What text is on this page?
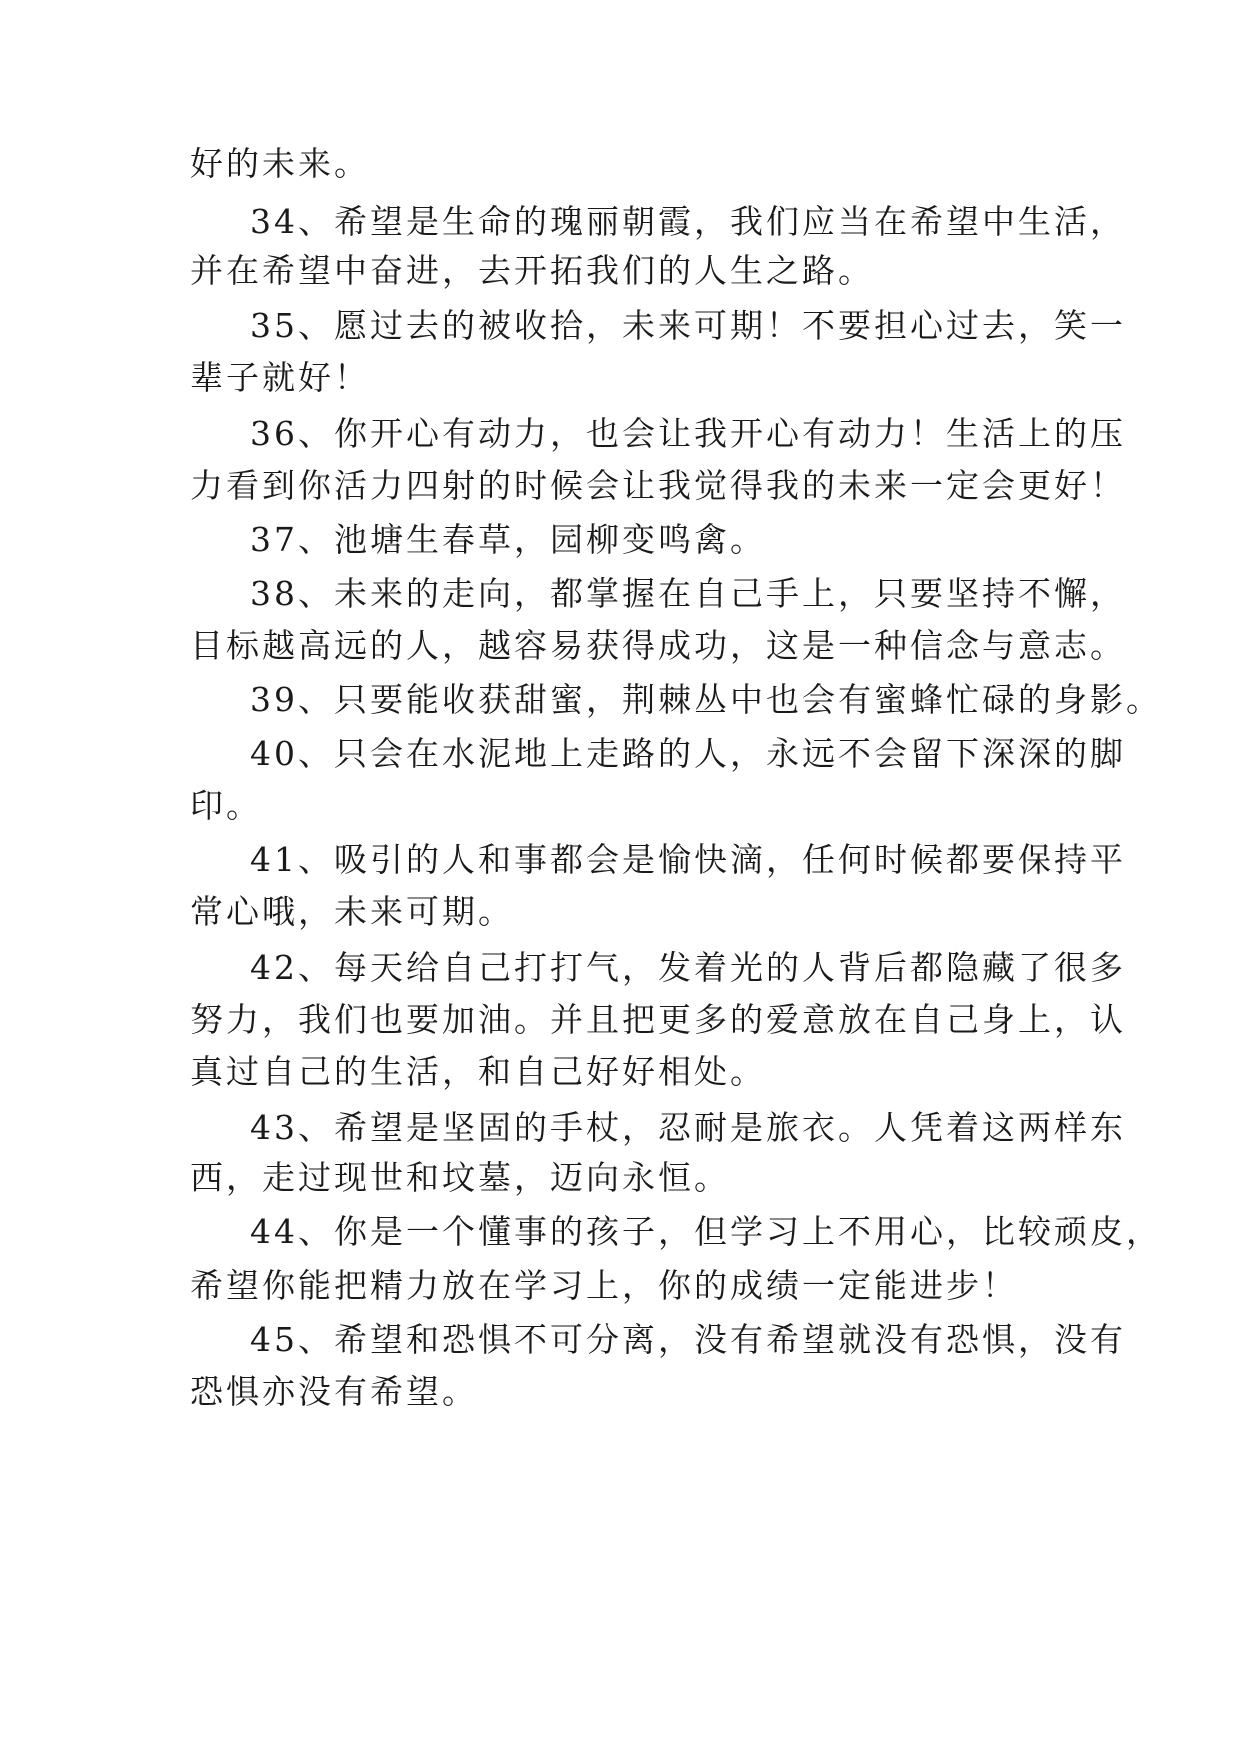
好的未来。
34、希望是生命的瑰丽朝霞，我们应当在希望中生活，
并在希望中奋进，去开拓我们的人生之路。
35、愿过去的被收拾，未来可期！不要担心过去，笑一
辈子就好！
36、你开心有动力，也会让我开心有动力！生活上的压
力看到你活力四射的时候会让我觉得我的未来一定会更好！
37、池塘生春草，园柳变鸣禽。
38、未来的走向，都掌握在自己手上，只要坚持不懈，
目标越高远的人，越容易获得成功，这是一种信念与意志。
39、只要能收获甜蜜，荆棘丛中也会有蜜蜂忙碌的身影。
40、只会在水泥地上走路的人，永远不会留下深深的脚
印。
41、吸引的人和事都会是愉快滴，任何时候都要保持平
常心哦，未来可期。
42、每天给自己打打气，发着光的人背后都隐藏了很多
努力，我们也要加油。并且把更多的爱意放在自己身上，认
真过自己的生活，和自己好好相处。
43、希望是坚固的手杖，忍耐是旅衣。人凭着这两样东
西，走过现世和坟墓，迈向永恒。
44、你是一个懂事的孩子，但学习上不用心，比较顽皮，
希望你能把精力放在学习上，你的成绩一定能进步！
45、希望和恐惧不可分离，没有希望就没有恐惧，没有
恐惧亦没有希望。
